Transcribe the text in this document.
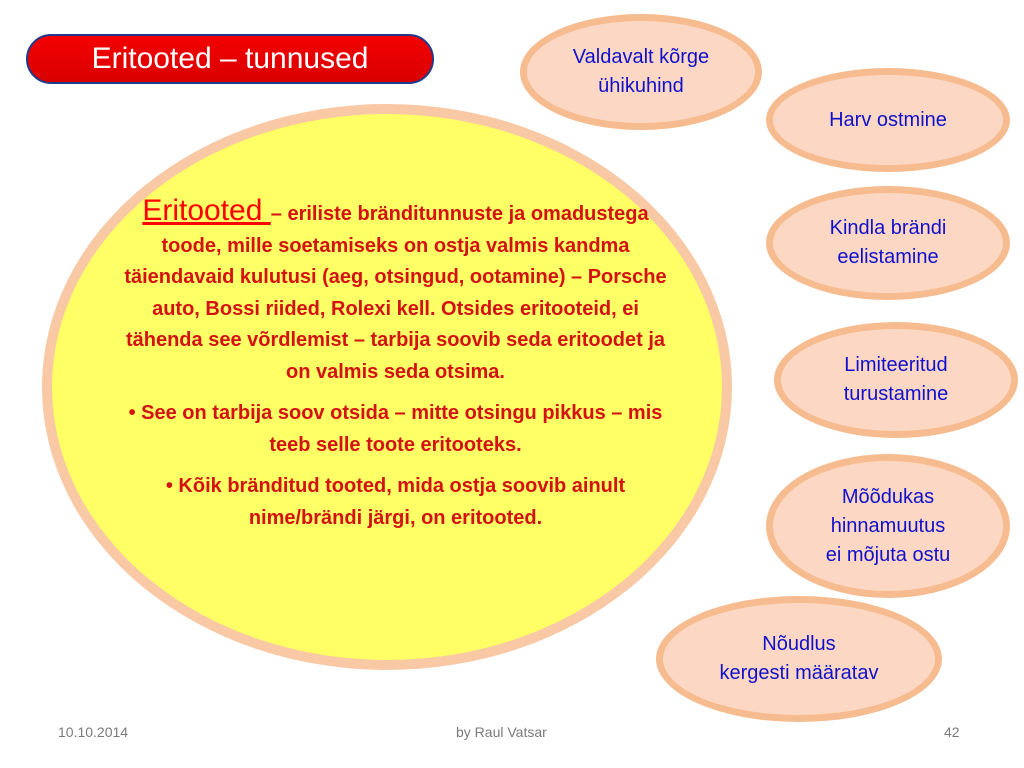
Eritooted – tunnused

Eritooted – eriliste bränditunnuste ja omadustega toode, mille soetamiseks on ostja valmis kandma täiendavaid kulutusi (aeg, otsingud, ootamine) – Porsche auto, Bossi riided, Rolexi kell. Otsides eritooteid, ei tähenda see võrdlemist – tarbija soovib seda eritoodet ja on valmis seda otsima.

• See on tarbija soov otsida – mitte otsingu pikkus – mis teeb selle toote eritooteks.

• Kõik bränditud tooted, mida ostja soovib ainult nime/brändi järgi, on eritooted.

Valdavalt kõrge
ühikuhind
Harv ostmine
Kindla brändi
eelistamine
Limiteeritud
turustamine
Mõõdukas
hinnamuutus
ei mõjuta ostu
Nõudlus
kergesti määratav
10.10.2014	by Raul Vatsar	42
